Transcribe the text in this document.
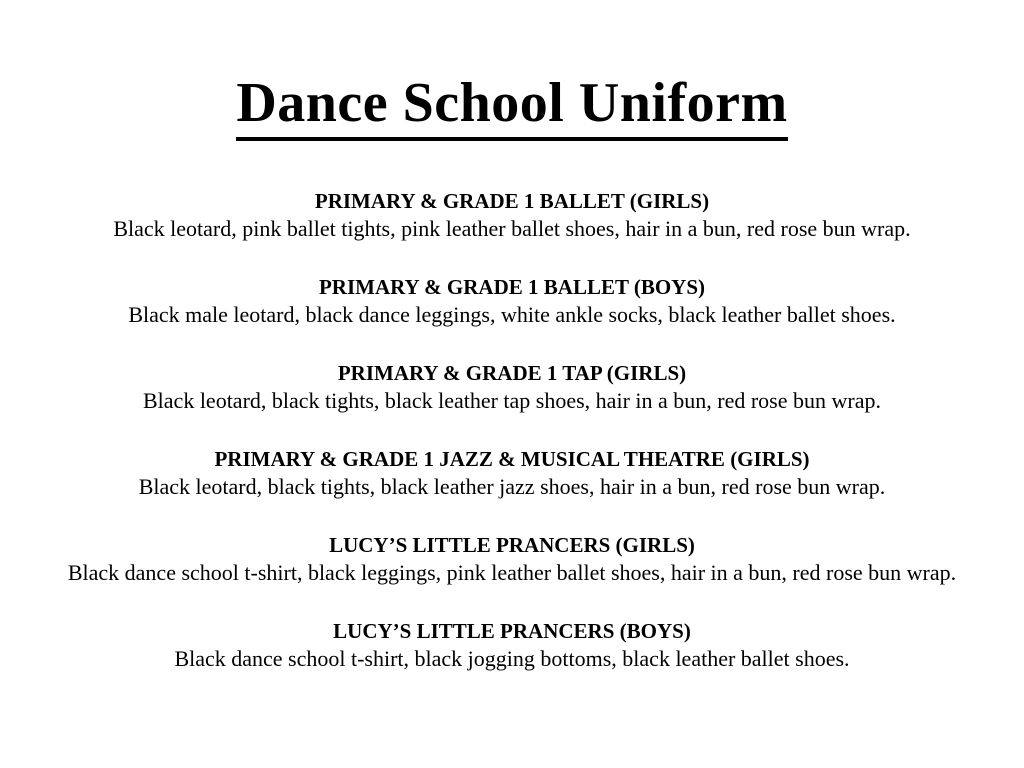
Dance School Uniform
PRIMARY & GRADE 1 BALLET (GIRLS)
Black leotard, pink ballet tights, pink leather ballet shoes, hair in a bun, red rose bun wrap.
PRIMARY & GRADE 1 BALLET (BOYS)
Black male leotard, black dance leggings, white ankle socks, black leather ballet shoes.
PRIMARY & GRADE 1 TAP (GIRLS)
Black leotard, black tights, black leather tap shoes, hair in a bun, red rose bun wrap.
PRIMARY & GRADE 1 JAZZ & MUSICAL THEATRE (GIRLS)
Black leotard, black tights, black leather jazz shoes, hair in a bun, red rose bun wrap.
LUCY’S LITTLE PRANCERS (GIRLS)
Black dance school t-shirt, black leggings, pink leather ballet shoes, hair in a bun, red rose bun wrap.
LUCY’S LITTLE PRANCERS (BOYS)
Black dance school t-shirt, black jogging bottoms, black leather ballet shoes.
